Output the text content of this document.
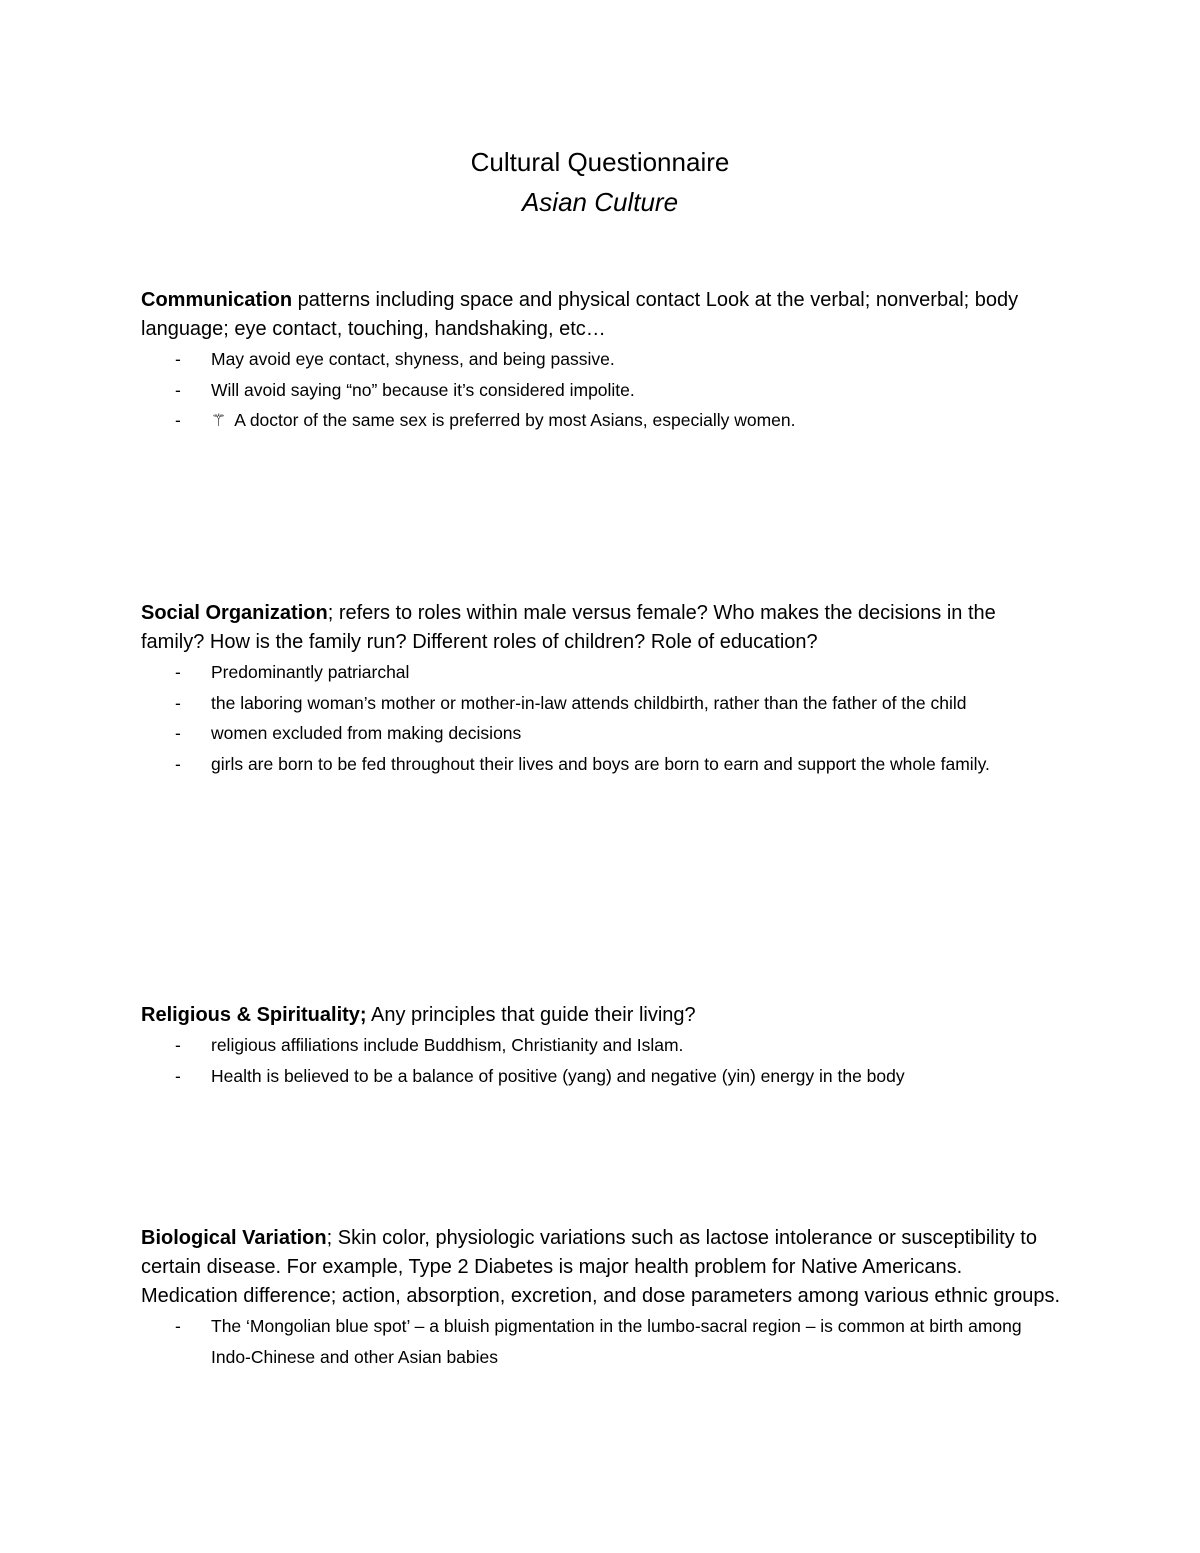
Cultural Questionnaire
Asian Culture

Communication patterns including space and physical contact Look at the verbal; nonverbal; body language; eye contact, touching, handshaking, etc…

- May avoid eye contact, shyness, and being passive.
- Will avoid saying “no” because it’s considered impolite.
- ⚚ A doctor of the same sex is preferred by most Asians, especially women.

Social Organization; refers to roles within male versus female? Who makes the decisions in the family? How is the family run? Different roles of children? Role of education?

- Predominantly patriarchal
- the laboring woman’s mother or mother-in-law attends childbirth, rather than the father of the child
- women excluded from making decisions
- girls are born to be fed throughout their lives and boys are born to earn and support the whole family.

Religious & Spirituality; Any principles that guide their living?

- religious affiliations include Buddhism, Christianity and Islam.
- Health is believed to be a balance of positive (yang) and negative (yin) energy in the body

Biological Variation; Skin color, physiologic variations such as lactose intolerance or susceptibility to certain disease. For example, Type 2 Diabetes is major health problem for Native Americans. Medication difference; action, absorption, excretion, and dose parameters among various ethnic groups.

- The ‘Mongolian blue spot’ – a bluish pigmentation in the lumbo-sacral region – is common at birth among Indo-Chinese and other Asian babies
